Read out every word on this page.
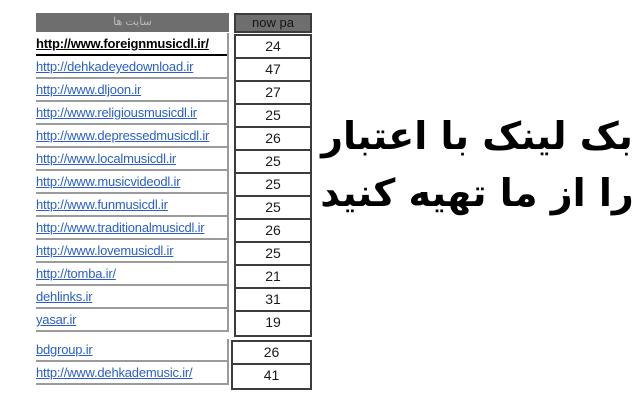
سایت ها
http://www.foreignmusicdl.ir/
http://dehkadeyedownload.ir
http://www.dljoon.ir
http://www.religiousmusicdl.ir
http://www.depressedmusicdl.ir
http://www.localmusicdl.ir
http://www.musicvideodl.ir
http://www.funmusicdl.ir
http://www.traditionalmusicdl.ir
http://www.lovemusicdl.ir
http://tomba.ir/
dehlinks.ir
yasar.ir
bdgroup.ir
http://www.dehkademusic.ir/
now pa
24
47
27
25
26
25
25
25
26
25
21
31
19
26
41
بک لینک با اعتبار
را از ما تهیه کنید
